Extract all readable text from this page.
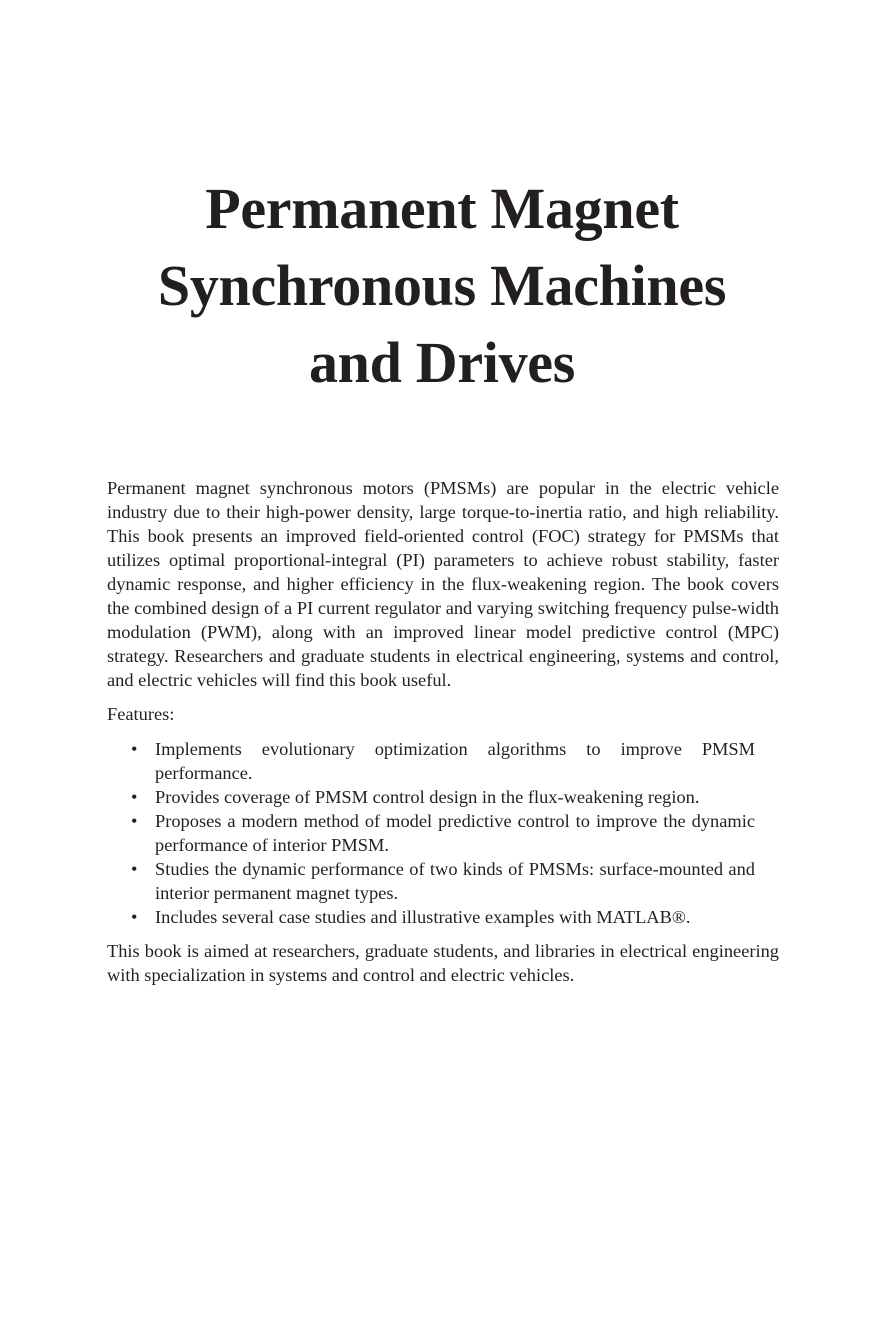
Permanent Magnet
Synchronous Machines
and Drives

Permanent magnet synchronous motors (PMSMs) are popular in the electric vehicle industry due to their high-power density, large torque-to-inertia ratio, and high reliability. This book presents an improved field-oriented control (FOC) strategy for PMSMs that utilizes optimal proportional-integral (PI) parameters to achieve robust stability, faster dynamic response, and higher efficiency in the flux-weakening region. The book covers the combined design of a PI current regulator and varying switching frequency pulse-width modulation (PWM), along with an improved linear model predictive control (MPC) strategy. Researchers and graduate students in electrical engineering, systems and control, and electric vehicles will find this book useful.

Features:

• Implements evolutionary optimization algorithms to improve PMSM performance.
• Provides coverage of PMSM control design in the flux-weakening region.
• Proposes a modern method of model predictive control to improve the dynamic performance of interior PMSM.
• Studies the dynamic performance of two kinds of PMSMs: surface-mounted and interior permanent magnet types.
• Includes several case studies and illustrative examples with MATLAB®.

This book is aimed at researchers, graduate students, and libraries in electrical engineering with specialization in systems and control and electric vehicles.
